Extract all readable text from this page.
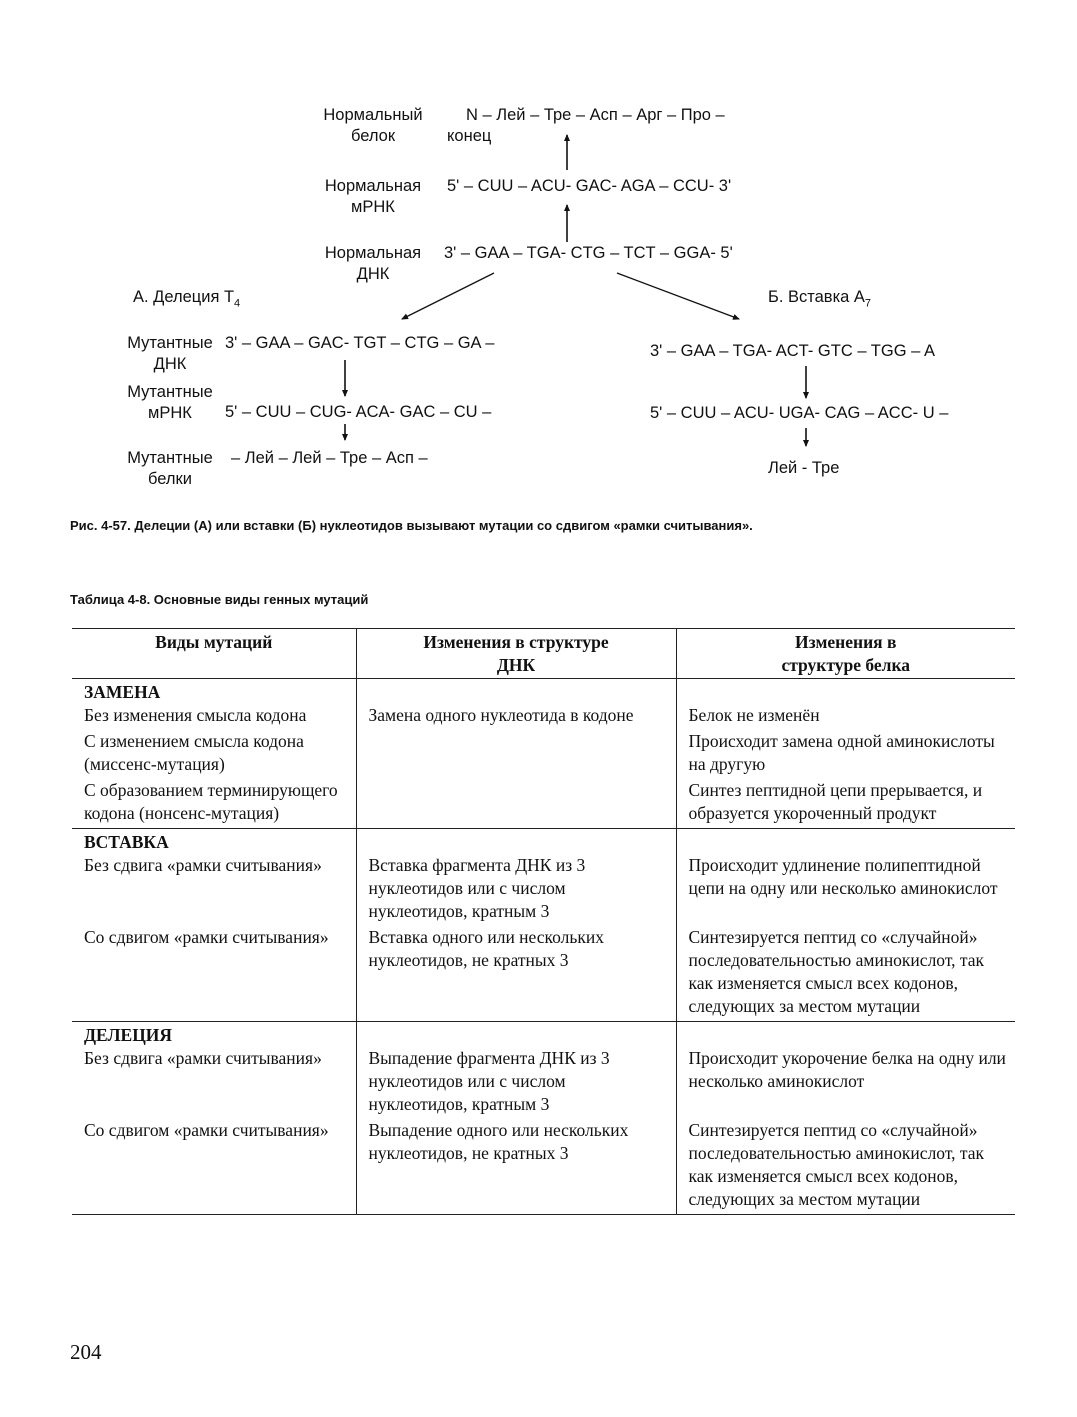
Нормальный
белок
N – Лей – Тре – Асп – Арг – Про –
конец
Нормальная
мРНК
5' – CUU – ACU- GAC- AGA – CCU- 3'
Нормальная
ДНК
3' – GAA – TGA- CTG – TCT – GGA- 5'
А. Делеция $T_4$	Б. Вставка $A_7$
Мутантные
ДНК
Мутантные
мРНК
Мутантные
белки
3' – GAA – GAC- TGT – CTG – GA –
5' – CUU – CUG- ACA- GAC – CU –
– Лей – Лей – Тре – Асп –
3' – GAA – TGA- ACT- GTC – TGG – A
5' – CUU – ACU- UGA- CAG – ACC- U –
Лей - Тре
Рис. 4-57. Делеции (А) или вставки (Б) нуклеотидов вызывают мутации со сдвигом «рамки считывания».
Таблица 4-8. Основные виды генных мутаций
Виды мутаций	Изменения в структуре ДНК	Изменения в структуре белка
ЗАМЕНА		
Без изменения смысла кодона	Замена одного нуклеотида в кодоне	Белок не изменён
С изменением смысла кодона (миссенс-мутация)		Происходит замена одной аминокислоты на другую
С образованием терминирующего кодона (нонсенс-мутация)		Синтез пептидной цепи прерывается, и образуется укороченный продукт
ВСТАВКА		
Без сдвига «рамки считывания»	Вставка фрагмента ДНК из 3 нуклеотидов или с числом нуклеотидов, кратным 3	Происходит удлинение полипептидной цепи на одну или несколько аминокислот
Со сдвигом «рамки считывания»	Вставка одного или нескольких нуклеотидов, не кратных 3	Синтезируется пептид со «случайной» последовательностью аминокислот, так как изменяется смысл всех кодонов, следующих за местом мутации
ДЕЛЕЦИЯ		
Без сдвига «рамки считывания»	Выпадение фрагмента ДНК из 3 нуклеотидов или с числом нуклеотидов, кратным 3	Происходит укорочение белка на одну или несколько аминокислот
Со сдвигом «рамки считывания»	Выпадение одного или нескольких нуклеотидов, не кратных 3	Синтезируется пептид со «случайной» последовательностью аминокислот, так как изменяется смысл всех кодонов, следующих за местом мутации
204
